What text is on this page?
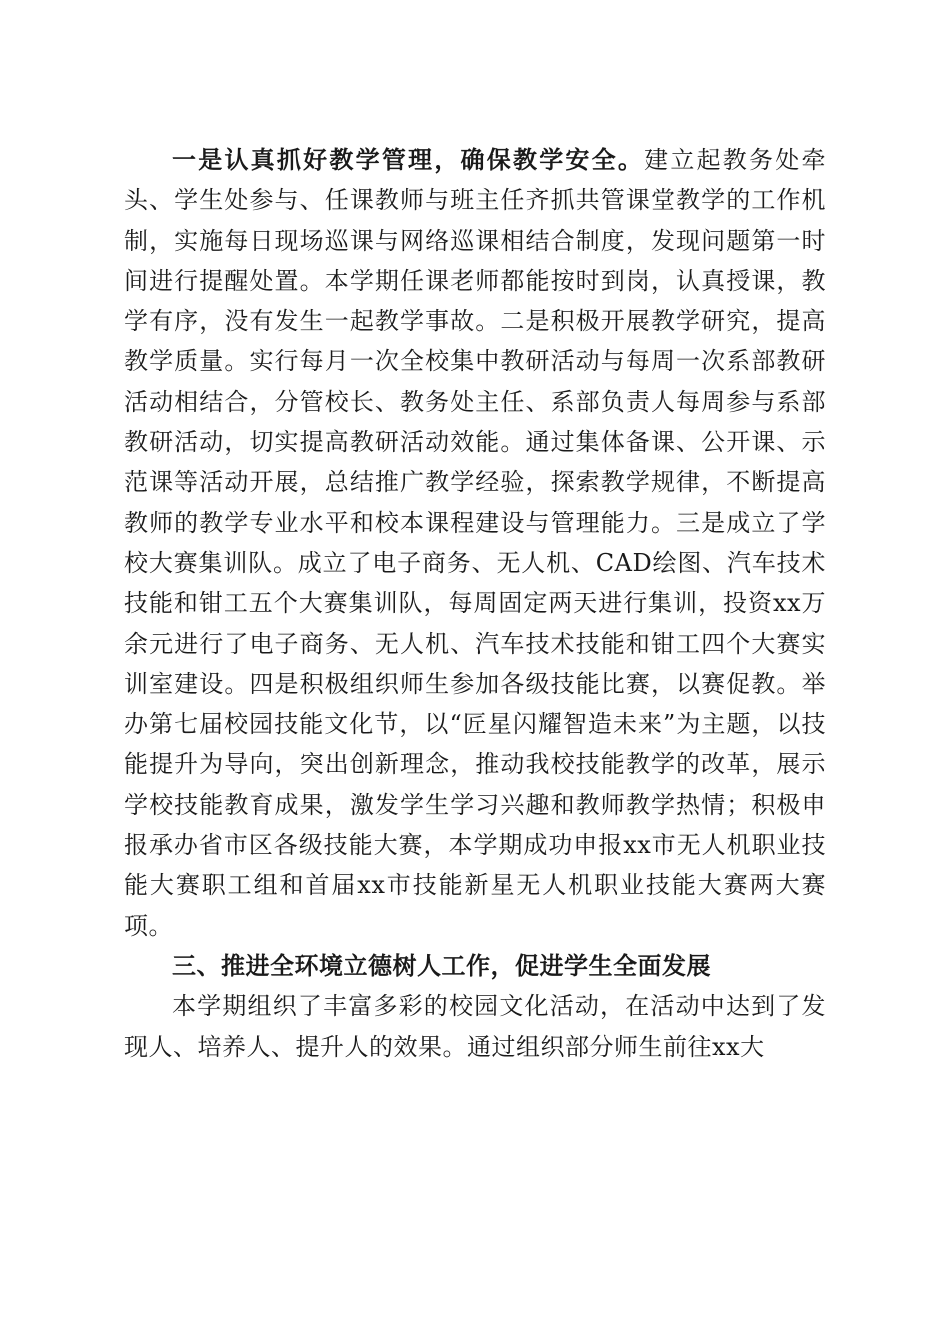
一是认真抓好教学管理，确保教学安全。建立起教务处牵头、学生处参与、任课教师与班主任齐抓共管课堂教学的工作机制，实施每日现场巡课与网络巡课相结合制度，发现问题第一时间进行提醒处置。本学期任课老师都能按时到岗，认真授课，教学有序，没有发生一起教学事故。二是积极开展教学研究，提高教学质量。实行每月一次全校集中教研活动与每周一次系部教研活动相结合，分管校长、教务处主任、系部负责人每周参与系部教研活动，切实提高教研活动效能。通过集体备课、公开课、示范课等活动开展，总结推广教学经验，探索教学规律，不断提高教师的教学专业水平和校本课程建设与管理能力。三是成立了学校大赛集训队。成立了电子商务、无人机、CAD绘图、汽车技术技能和钳工五个大赛集训队，每周固定两天进行集训，投资xx万余元进行了电子商务、无人机、汽车技术技能和钳工四个大赛实训室建设。四是积极组织师生参加各级技能比赛，以赛促教。举办第七届校园技能文化节，以“匠星闪耀智造未来”为主题，以技能提升为导向，突出创新理念，推动我校技能教学的改革，展示学校技能教育成果，激发学生学习兴趣和教师教学热情；积极申报承办省市区各级技能大赛，本学期成功申报xx市无人机职业技能大赛职工组和首届xx市技能新星无人机职业技能大赛两大赛项。

三、推进全环境立德树人工作，促进学生全面发展

本学期组织了丰富多彩的校园文化活动，在活动中达到了发现人、培养人、提升人的效果。通过组织部分师生前往xx大
